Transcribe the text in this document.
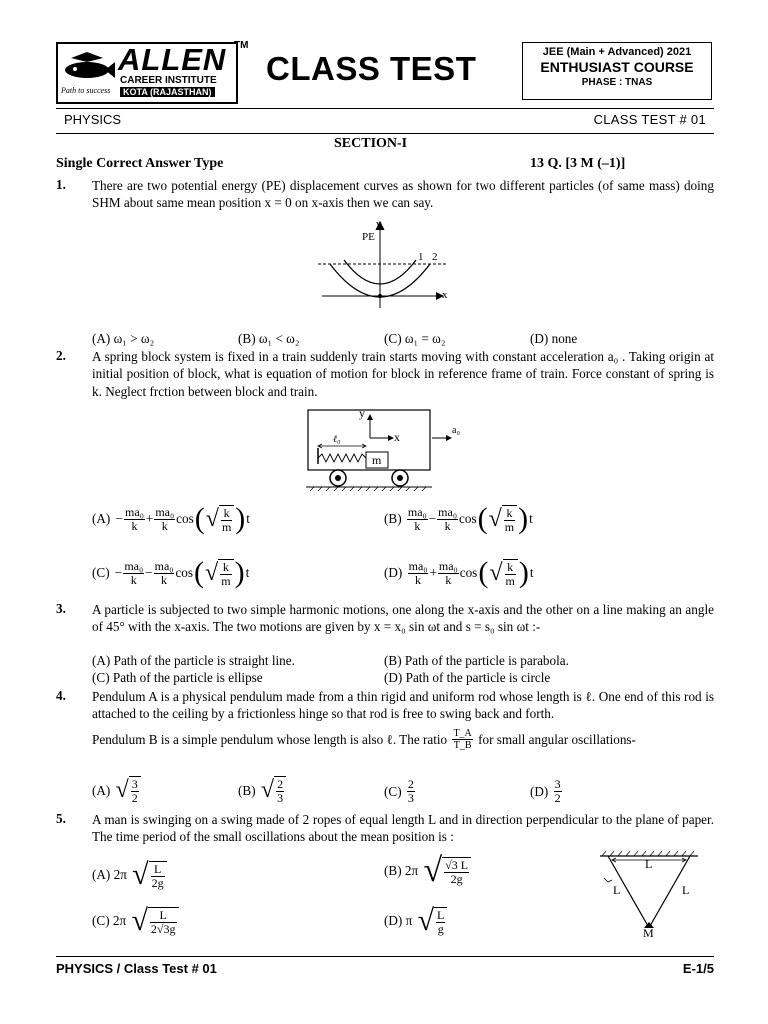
ALLEN
CAREER INSTITUTE
KOTA (RAJASTHAN)
Path to success
TM
CLASS TEST	JEE (Main + Advanced) 2021
ENTHUSIAST COURSE
PHASE : TNAS
PHYSICS	CLASS TEST # 01
SECTION-I
Single Correct Answer Type	13 Q. [3 M (–1)]
1. There are two potential energy (PE) displacement curves as shown for two different particles (of same mass) doing SHM about same mean position x = 0 on x-axis then we can say.
y
PE
1 2
x
(A) ω₁ > ω₂	(B) ω₁ < ω₂	(C) ω₁ = ω₂	(D) none
2. A spring block system is fixed in a train suddenly train starts moving with constant acceleration a₀ . Taking origin at initial position of block, what is equation of motion for block in reference frame of train. Force constant of spring is k. Neglect frction between block and train.
y
x
ℓ₀
m
a₀
(A)
− $\frac{\text{ma₀}}{k} + \frac{\text{ma₀}}{k}$ cos ( √ $\frac{k}{m}$ ) t	(B)
$\frac{\text{ma₀}}{k} - \frac{\text{ma₀}}{k}$ cos ( √ $\frac{k}{m}$ ) t
(C)
− $\frac{\text{ma₀}}{k} - \frac{\text{ma₀}}{k}$ cos ( √ $\frac{k}{m}$ ) t	(D)
$\frac{\text{ma₀}}{k} + \frac{\text{ma₀}}{k}$ cos ( √ $\frac{k}{m}$ ) t
3. A particle is subjected to two simple harmonic motions, one along the x-axis and the other on a line making an angle of 45° with the x-axis. The two motions are given by x = x₀ sin ωt and s = s₀ sin ωt :-
(A) Path of the particle is straight line.	(B) Path of the particle is parabola.
(C) Path of the particle is ellipse	(D) Path of the particle is circle
4. Pendulum A is a physical pendulum made from a thin rigid and uniform rod whose length is ℓ. One end of this rod is attached to the ceiling by a frictionless hinge so that rod is free to swing back and forth.
Pendulum B is a simple pendulum whose length is also ℓ. The ratio
$\frac{T\_A}{T\_B}$
for small angular oscillations-
(A)
√ $\frac{3}{2}$	(B)
√ $\frac{2}{3}$	(C)
$\frac{2}{3}$	(D)
$\frac{3}{2}$
5. A man is swinging on a swing made of 2 ropes of equal length L and in direction perpendicular to the plane of paper. The time period of the small oscillations about the mean position is :
(A) 2π
√ $\frac{L}{2g}$	(B) 2π
√ $\frac{√3 L}{2g}$
(C) 2π
√ $\frac{L}{2√3g}$	(D) π
√ $\frac{L}{g}$
L
L	L
M
PHYSICS / Class Test # 01	E-1/5
